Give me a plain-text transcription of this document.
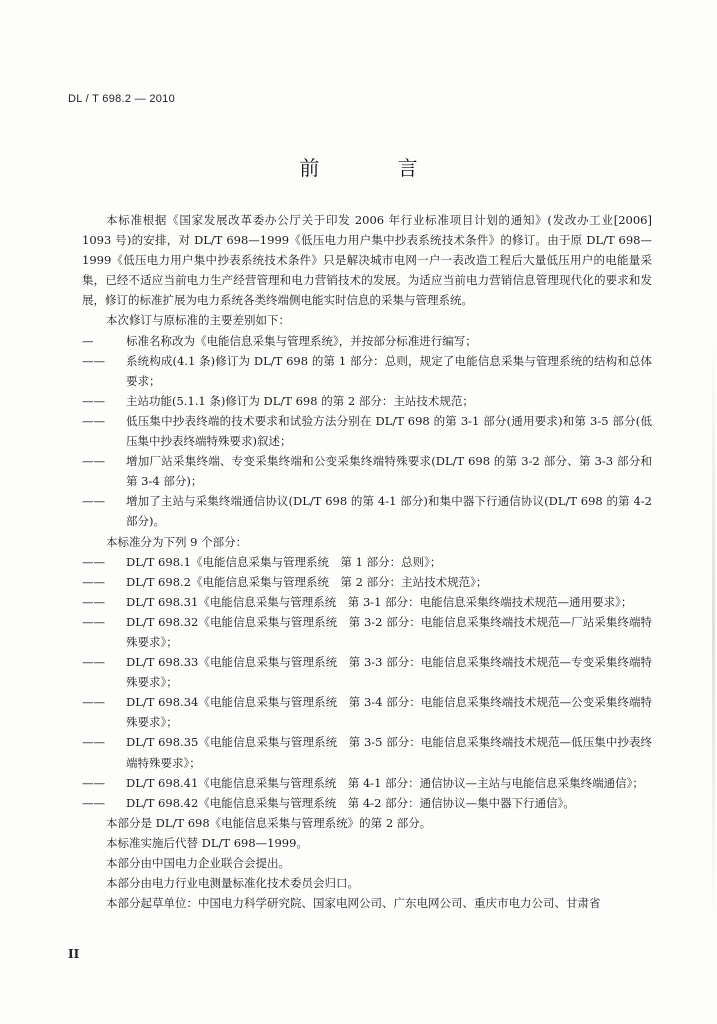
DL / T 698.2 — 2010
前 言

本标准根据《国家发展改革委办公厅关于印发 2006 年行业标准项目计划的通知》(发改办工业[2006] 1093 号)的安排，对 DL/T 698—1999《低压电力用户集中抄表系统技术条件》的修订。由于原 DL/T 698—1999《低压电力用户集中抄表系统技术条件》只是解决城市电网一户一表改造工程后大量低压用户的电能量采集，已经不适应当前电力生产经营管理和电力营销技术的发展。为适应当前电力营销信息管理现代化的要求和发展，修订的标准扩展为电力系统各类终端侧电能实时信息的采集与管理系统。

本次修订与原标准的主要差别如下：

—	标准名称改为《电能信息采集与管理系统》，并按部分标准进行编写；
——	系统构成(4.1 条)修订为 DL/T 698 的第 1 部分：总则，规定了电能信息采集与管理系统的结构和总体要求；
——	主站功能(5.1.1 条)修订为 DL/T 698 的第 2 部分：主站技术规范；
——	低压集中抄表终端的技术要求和试验方法分别在 DL/T 698 的第 3-1 部分(通用要求)和第 3-5 部分(低压集中抄表终端特殊要求)叙述；
——	增加厂站采集终端、专变采集终端和公变采集终端特殊要求(DL/T 698 的第 3-2 部分、第 3-3 部分和第 3-4 部分)；
——	增加了主站与采集终端通信协议(DL/T 698 的第 4-1 部分)和集中器下行通信协议(DL/T 698 的第 4-2 部分)。

本标准分为下列 9 个部分：

——	DL/T 698.1《电能信息采集与管理系统　第 1 部分：总则》；
——	DL/T 698.2《电能信息采集与管理系统　第 2 部分：主站技术规范》；
——	DL/T 698.31《电能信息采集与管理系统　第 3-1 部分：电能信息采集终端技术规范—通用要求》；
——	DL/T 698.32《电能信息采集与管理系统　第 3-2 部分：电能信息采集终端技术规范—厂站采集终端特殊要求》；
——	DL/T 698.33《电能信息采集与管理系统　第 3-3 部分：电能信息采集终端技术规范—专变采集终端特殊要求》；
——	DL/T 698.34《电能信息采集与管理系统　第 3-4 部分：电能信息采集终端技术规范—公变采集终端特殊要求》；
——	DL/T 698.35《电能信息采集与管理系统　第 3-5 部分：电能信息采集终端技术规范—低压集中抄表终端特殊要求》；
——	DL/T 698.41《电能信息采集与管理系统　第 4-1 部分：通信协议—主站与电能信息采集终端通信》；
——	DL/T 698.42《电能信息采集与管理系统　第 4-2 部分：通信协议—集中器下行通信》。

本部分是 DL/T 698《电能信息采集与管理系统》的第 2 部分。

本标准实施后代替 DL/T 698—1999。

本部分由中国电力企业联合会提出。

本部分由电力行业电测量标准化技术委员会归口。

本部分起草单位：中国电力科学研究院、国家电网公司、广东电网公司、重庆市电力公司、甘肃省

II
